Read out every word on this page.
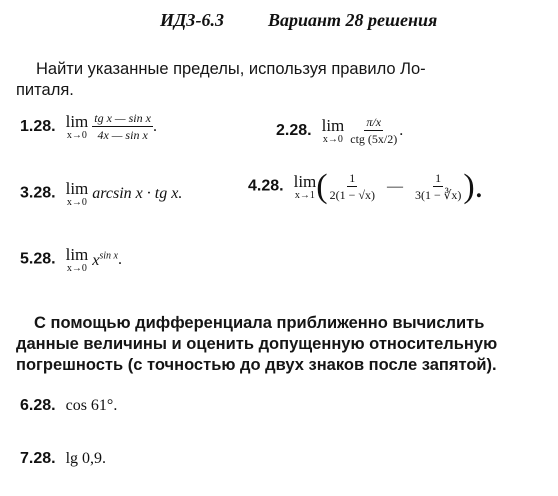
ИДЗ-6.3 Вариант 28 решения
Найти указанные пределы, используя правило Ло-
питаля.
1.28. lim
x→0
$\frac{\text{tg x — sin x}}{\text{4x — sin x}}$ .	2.28. lim
x→0
$\frac{\pi/x}{\text{ctg (5x/2)}}$ .
3.28. lim
x→0
arcsin x · tg x.	4.28. lim
x→1 ( $\frac{1}{2(1 - √x)}$ — $\frac{1}{3(1 - ∛x)}$ ).
5.28. lim
x→0 $x^{sin x}$.
С помощью дифференциала приближенно вычислить
данные величины и оценить допущенную относительную
погрешность (с точностью до двух знаков после запятой).
6.28. cos 61°.
7.28. lg 0,9.
